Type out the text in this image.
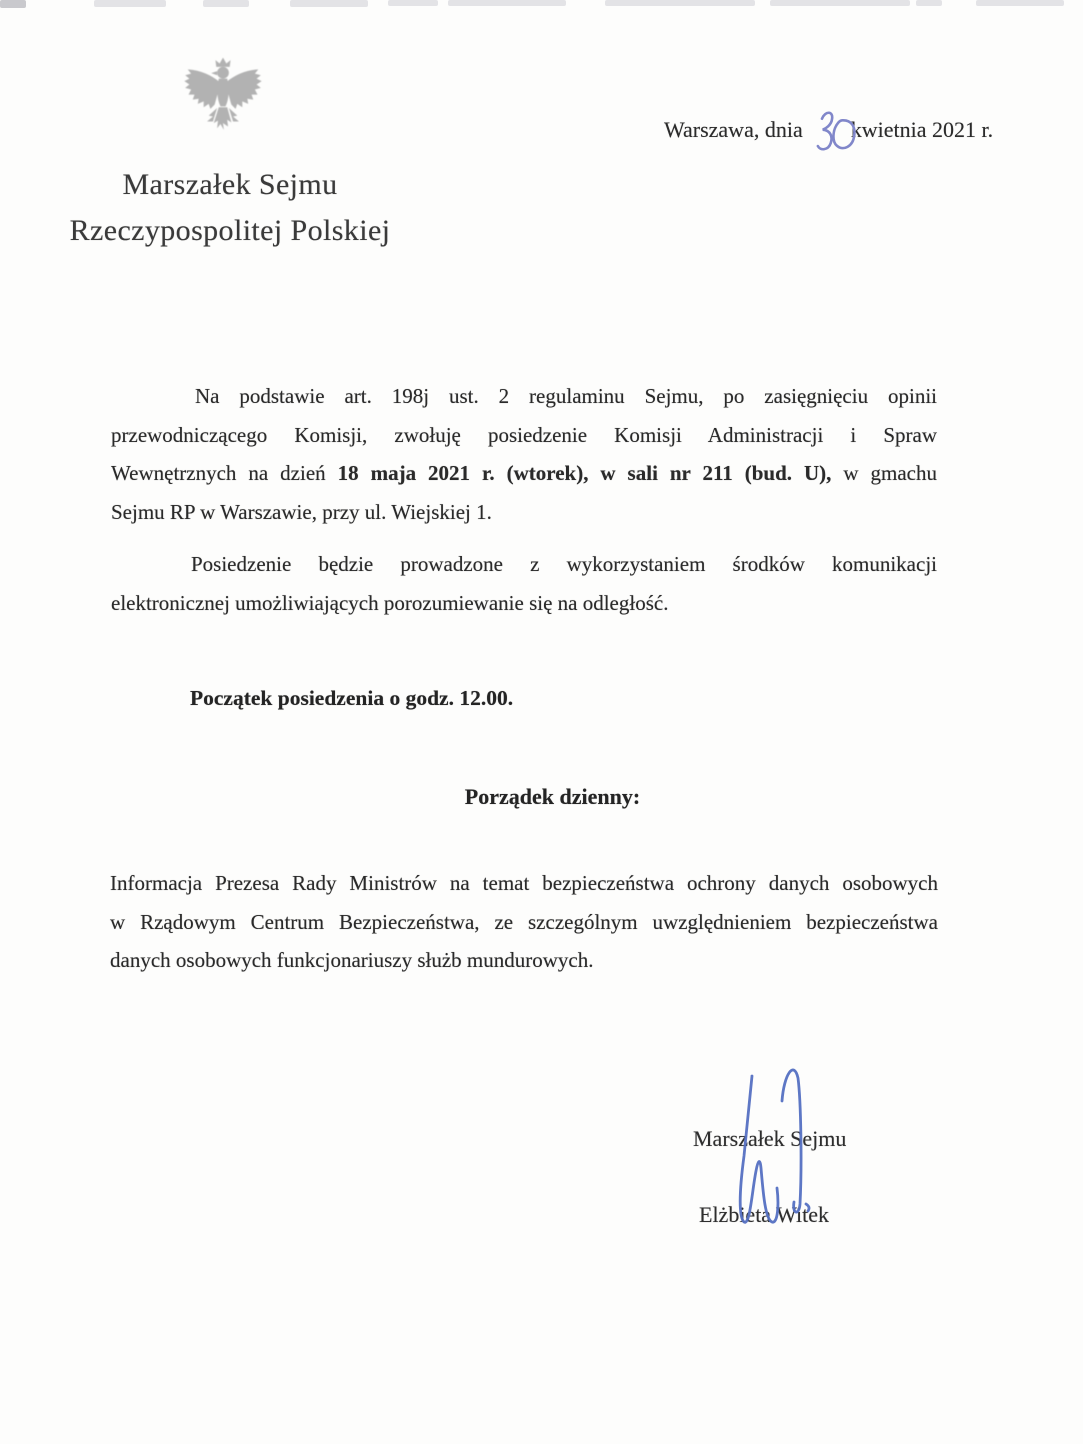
Marszałek Sejmu
Rzeczypospolitej Polskiej
Warszawa, dnia kwietnia 2021 r.
Na podstawie art. 198j ust. 2 regulaminu Sejmu, po zasięgnięciu opinii
przewodniczącego Komisji, zwołuję posiedzenie Komisji Administracji i Spraw
Wewnętrznych na dzień 18 maja 2021 r. (wtorek), w sali nr 211 (bud. U), w gmachu
Sejmu RP w Warszawie, przy ul. Wiejskiej 1.
Posiedzenie będzie prowadzone z wykorzystaniem środków komunikacji
elektronicznej umożliwiających porozumiewanie się na odległość.
Początek posiedzenia o godz. 12.00.
Porządek dzienny:
Informacja Prezesa Rady Ministrów na temat bezpieczeństwa ochrony danych osobowych
w Rządowym Centrum Bezpieczeństwa, ze szczególnym uwzględnieniem bezpieczeństwa
danych osobowych funkcjonariuszy służb mundurowych.
Marszałek Sejmu
Elżbieta Witek
